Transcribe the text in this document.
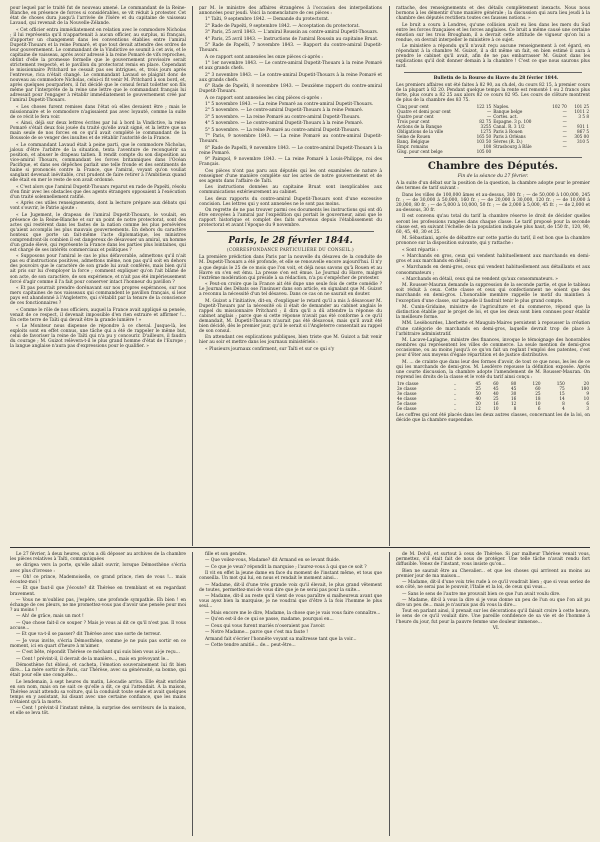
pour lequel par le traité fut de nouveau amené. Le commandant de la Reine-Blanche, en présence de forces si considérables, se vit réduit à protester. Cet état de choses dura jusqu'à l'arrivée de l'Isère et du capitaine de vaisseau Lavaud, qui revenait de la Nouvelle-Zélande.

« Cet officier entra immédiatement en relation avec le commodore Nicholas ; il lui représenta qu'il n'appartenait à aucun officier, au surplus, ni français, d'apporter un changement dans les conventions établies entre l'amiral Dupetit-Thouars et la reine Pomaré, et que tout devait attendre des ordres de leur gouvernement. Le commandant de la Vindictive se soumit à cet avis, et le capitaine de vaisseau, après avoir adressé à la reine Pomaré de vifs reproches, obtint d'elle la promesse formelle que le gouvernement provisoire serait strictement respecté, et le pavillon du protectorat remis en place. Cependant le missionnaire Pritchard ne cessait pas ses intrigues, et, trois jours après l'entrevue, rica n'était changé. Le commandant Lavaud se plaignit donc de nouveau au commodore Nicholas, celui-ci fit venir M. Pritchard à son bord, et, après quelques pourparlers, il fut décidé que le consul ferait toiletter son fils même par l'interprète de la reine une lettre que le commandant français lui adressait pour l'engager à rétablir immédiatement le gouvernement créé par l'amiral Dupetit-Thouars.

« Les choses furent remises dans l'état où elles devaient être ; mais le missionnaire et le commodore n'agissaient pas avec loyauté, comme la suite de ce récit le fera voir.

« Ainsi, déjà sur deux lettres écrites par lui à bord la Vindictive, la reine Pomaré s'était deux fois jouée du traité qu'elle avait signé, et la lettre que sa main seule de nos forces en ce qu'il avait complété le commandant de la Boussole de se venger des insultes et de rétablir l'autorité de la France.

« Le commandant Lavaud était à peine parti, que le commodore Nicholas, jaloux d'être l'arbitre de la situation, tenta l'aventure de reconquérir sa position, et abuser le drapeau taitien. Il rendit compte du son disposition au vice-amiral Thouars, commandant les forces britanniques dans l'Océan Pacifique, et dans ses dépêches parlait une telle fronde et des sentiments de haine si prononcés contre la France, que l'amiral, voyant qu'on vouliat sanglant devenait inévitable, crut prudent de faire retirer à l'Ambitieux quand elle était en mer le reste de son avait ordonné.

« C'est alors que l'amiral Dupetit-Thouars reparut en rade de Papeïti, résolu d'en finir avec les obstacles que des agents étrangers opposaient à l'exécution d'un traité solennellement ratifié.

« Après ces utiles renseignements, dont la lecture prépare aux débats qui vont s'ouvrir, le Patrie ajoute :

« Le Jugement, le drapeau de l'amiral Dupetit-Thouars, le voulait, en présence de la Reine-Blanche et sur un point de notre protectorat, sont des actes qui restèrent dans les fastes de la nation comme les plus persévères qu'aient accomplis les plus mauvais gouvernements. En dehors du caractère honteux que porte un fait-même l'acte diplomatique, les ministres comprendront-ils combien il est dangereux de désavouer un amiral, un homme d'un grade élevé, qui représente la France dans les parties plus lointaines, qui est chargé de ses intérêts commerciaux et politiques ?

« Supposons pour l'amiral le cas le plus défavorable, admettons qu'il n'ait pas eu d'instructions positives, admettons même, non pas qu'il soit en dehors des pouvoirs que le caractère de son grade lui avait conférés, mais bien qu'il ait pris sur lui d'employer la force ; comment expliquer qu'on l'ait blâmé de son acte, de son caractère, de son expérience, et n'ait pas été impérieusement forcé d'agir comme il l'a fait pour conserver intact l'honneur du pavillon ?

« Et pas pourrait prendre dorénavant sur nos propres espérances, sur nos mers capitaines de nos vaisseaux qui commandent le pavillon français, si leur pays est abandonné à l'Angleterre, qui s'établit par la tenure de la conscience de ces fonctionnaires ?

« Comme le rôle de nos officiers, auquel la France avait appliqué sa pensée, venait de ce respect, il devenait impossible d'en rien extraire et affirmer !... En cette terre de Taïti qui devait être la grande lumière ! »

« Le Moniteur nous dispense de répondre à ce cheval. Jusque-là, les exploits sont en effet connus, une tâche qui a été de rappeler le même but, celui de favoriser la reine de Taïti qui n'a pu y concourir. D'ailleurs, il faudra du courage ; M. Guizot relèvera-t-il le plus grand homme d'état de l'Europe ; la langue anglaise n'aura pas d'expressions pour le qualifier. »

par M. le ministre des affaires étrangères à l'occasion des interpellations annoncées pour jeudi. Voici la nomenclature de ces pièces :

1° Taïti, 9 septembre 1842. — Demande du protectorat.

2° Rade de Papeïti, 9 septembre 1842. — Acceptation du protectorat.

3° Paris, 25 avril 1843. — L'amiral Roussin au contre-amiral Dupetit-Thouars.

4° Paris, 25 avril 1843. — Instructions de l'amiral Roussin au capitaine Bruat.

5° Rade de Papeïti, 7 novembre 1843. — Rapport du contre-amiral Dupetit-Thouars.

A ce rapport sont annexées les onze pièces ci-après :

1° 1er novembre 1843. — Le contre-amiral Dupetit-Thouars à la reine Pomaré et aux grands chefs.

2° 3 novembre 1843. — Le contre-amiral Dupetit-Thouars à la reine Pomaré et aux grands chefs.

6° Rade de Papeïti, 8 novembre 1843. — Deuxième rapport du contre-amiral Dupetit-Thouars.

A ce rapport sont annexées les cinq pièces ci-après :

1° 5 novembre 1843. — La reine Pomaré au contre-amiral Dupetit-Thouars.

2° 5 novembre. — Le contre-amiral Dupetit-Thouars à la reine Pomaré.

3° 5 novembre. — La reine Pomaré au contre-amiral Dupetit-Thouars.

4° 5 novembre. — Le contre-amiral Dupetit-Thouars à la reine Pomaré.

5° 5 novembre. — La reine Pomaré au contre-amiral Dupetit-Thouars.

7° Paris, 9 novembre 1843. — La reine Pomaré au contre-amiral Dupetit-Thouars.

8° Rade de Papeïti, 9 novembre 1843. — Le contre-amiral Dupetit-Thouars à la reine Pomaré.

9° Paimpol, 9 novembre 1843. — La reine Pomaré à Louis-Philippe, roi des Français.

Ces pièces n'ont pas paru aux députés qui les ont examinées de nature à renseigner d'une manière complète sur les actes de notre gouvernement et de ses agents dans l'affaire de Taïti.

Les instructions données au capitaine Bruat sont inexplicables aux communications extérieurement au cabinet.

Les deux rapports du contre-amiral Dupetit-Thouars sont d'une excessive concision. Les lettres qui y sont annexées ne le sont pas moins.

On regrette de ne pas trouver parmi ces documents les instructions qui ont dû être envoyées à l'amiral par l'expédition qui portait le gouverneur, ainsi que le rapport historique et complet des faits survenus depuis l'établissement du protectorat et avant l'époque du 9 novembre.

Paris, le 28 février 1844.
(CORRESPONDANCE PARTICULIÈRE DU CONSEIL.)

La première prédiction dans Paris par la nouvelle du désaveu de la conduite de M. Dupetit-Thouars a été profonde, et elle se renouvelle encore aujourd'hui. Il n'y a que depuis le 25 de ce mois que l'on voit, et déjà nous savons qu'à Rouen et au Havre on s'en est ému. La presse s'en est émue. Le Journal du Havre, malgré l'extrême modération qui préside à sa rédaction, n'a pu s'empêcher de protester.

« Peut-on croire que la France ait été dupe une seule fois de cette comédie ? Le Journal des Débats ose l'insinuer dans son article, en signalant que M. Guizot a reconnu la nécessité d'un tel désaveu. Dans ce cas on ne saurait en douter.

M. Guizot a l'initiative, dit-on, d'expliquer le retard qu'il a mis à désavouer M. Dupetit-Thouars par la nécessité où il était de demander au cabinet anglais le rappel du missionnaire Pritchard ; il dira qu'il a dû attendre la réponse du cabinet anglais ; parce que si cette réponse n'avait pas été conforme à ce qu'il demandait, M. Dupetit-Thouars n'aurait pas été désavoué, mais qu'il avait été bien décidé, dès le premier jour, qu'il le serait si l'Angleterre consentait au rappel de son consul.

En attendant ces explications publiques, bien triste que M. Guizot a fait venir hier au soir et mettre dans les journaux ministériels :

« Plusieurs journaux confirment, sur Taïti et sur ce qui s'y

rattache, des renseignements et des détails complètement inexacts. Nous nous bornons à les démentir d'une manière générale ; la discussion qui aura lieu jeudi à la chambre des députés rectifiera toutes ces fausses notions. »

Le bruit a couru à Londres, qu'une collision avait eu lieu dans les mers du Sud entre les forces françaises et les forces anglaises. Ce bruit a même causé une certaine émotion sur les trois Brougham, il a devrait cette attitude de vigueur qu'on lui a rendue, on devrait interpeller le ministère à ce sujet.

Le ministère a répondu qu'il n'avait reçu aucune renseignement à cet égard, en répondant à la chambre M. Guizot, il a dit même un fait, en bien estimé il aura à prendre le cabinet qu'il avait, afin de ne pas embarrasser M. Guizot dans les explications qu'il doit donner demain à la chambre ! C'est ce que nous saurons plus tard.

Bulletin de la Bourse du Havre du 28 février 1844.

Les premiers affaires ont été faites à 82 90, au ch.del, du cours 82 15, à premier cours de la plupart à 82 20. Pendant quelque temps la rente est remonté 1 ou 2 francs plus forte, plus cours a 82 25 aux alors 82 ce cours 82 95. Les cours de clôture montrent de plus de la chambre des 83 75.

Cinq pour cent	122 15	Naples.	102 70	101 25
Quatre et demi pour cent	—	Banque belge	—	1011 2
Quatre pour cent	—	Cortès. act.	—	3 5 8
Trois pour cent	82 75	Espagne. 3 p. 100	—	
Actions de la Banque	3255	Canal. R. 3 1/2	—	931 1
Obligations de la ville	1275	Paris à Rouen	—	867 5
Seine de Rouen	165 50	Paris à Orléans	—	305 00
Banq. Belgique	103 50	Sèvres (R. D.)	—	310 5
Empr. romains	108	Strasbourg à Bâle	—	
Glsg. pour cent belge	105 00			
Chambre des Députés.
Fin de la séance du 27 février.

A la suite d'un débat sur la position de la question, la chambre adopte pour le premier des termes de tarif suivant :

Dans les villes de 100,000 âmes et au-dessus, 300 fr. ; — de 50,000 à 100,000, 245 fr. ; — de 30,000 à 50,000, 160 fr. ; — de 20,000 à 30,000, 120 fr. ; — de 10,000 à 20,000, 80 fr. ; — de 5,000 à 10,000, 50 fr. ; — de 2,000 à 5,000, 45 fr. ; — de 2,000 et au-dessous, 30 fr.

Il est convenu qu'au total du tarif la chambre réserve le droit de décider quelles seront les professions rangées dans chaque classe. Le tarif proposé pour la seconde classe est, en suivant l'échelle de la population indiquée plus haut, de 150 fr., 120, 90, 60, 45, 40, 30 et 25.

M. Sébastiani, après de débattre sur cette partie du tarif, il est bon que la chambre prononce sur la disposition suivante, qui y rattache :

« Sont répartis :

« Marchands en gros, ceux qui vendent habituellement aux marchands en demi-gros et aux marchands en détail ;

« Marchands en demi-gros, ceux qui vendent habituellement aux détaillants et aux consommateurs ;

« Marchands en détail, ceux qui ne vendent qu'aux consommateurs. »

M. Rousser-Mauran demande la suppression de la seconde partie, et que le tableau soit réduit à ceux. Cette classe et ceux qui confectionnent ne soient que des marchands en demi-gros. L'honorable membre rappelle le motif du maintien à l'exception d'une classe, sur laquelle il faudrait tenir le plus grand compte.

M. Cunin-Gridaine, ministre de l'agriculture et du commerce, répond que la distinction établie par le projet de loi, et que les deux sont bien connues pour établir la meilleure forme.

MM. Lesèbourdes, Lherbette et Mauguin-Maires persistent à repousser la création d'une catégorie de marchands en demi-gros, laquelle devrait trop de place à l'arbitraire administratif.

M. Lacave-Laplagne, ministre des finances, invoque le témoignage des honorables membres qui représentent les villes de commerce. La seule mention de demi-gros occasionne, ou au moins jusqu'à ce qu'on fait un reglant l'emploi des patentes, c'est pour d'ôter aux moyens d'égale répartition et de justice distributive.

M. ... de crainte que dans leur des formes d'avoir, de tout ce que nous, les les de ce qui les marchands de demi-gros. M. Lesdèvre repousse la définition exposée. Après une courte discussion, la chambre adopte l'amendement de M. Rousser-Mauran. On reprend les droits de la classe et le voté du tarif ainsi conçu :

1re classe	..	45	60	80	120	150	20
2e classe	..	25	45	45	60	75	180
3e classe	..	50	40	30	25	15	9
4e classe	..	40	25	16	18	14	10
5e classe	..	20	16	12	10	8	6
6e classe	..	12	10	8	6	4	3

Les coffres qui ont été placés dans les deux autres classes, concernant les de la loi, on décide que la chambre suspendue.

Le 27 février, à deux heures, qu'on a dû déposer au archives de la chambre les pièces relatives à Taïti, communiquées

se dirigea vers la porte, qu'elle allait ouvrir, lorsque Démosthène s'écria avec plus d'ivresse :

— Oh! ce prince, Mademoiselle, ce grand prince, rien de vous !... mais écoutez-moi !

— Et que faut-il que j'écoute? dit Thérèse en tremblant et en regardant bravement.

— Vous ne m'oubliez pas, j'espère, une profonde sympathie. Eh bien ! en échange de ces pleurs, ne me promettez-vous pas d'avoir une pensée pour moi ? au moins !

— Ah! de grâce, mais un mot !

— Que chose fait-il ce souper ? Mais je vous ai dit ce qu'il n'est pas. Il vous accuse...

— Et que va-t-il se passer? dit Thérèse avec une sorte de terreur.

— Je vous invite, s'écria Démosthène, comme je ne puis pas sortir en ce moment, ici en quart d'heure à m'aimer.

— C'est bête, répondit Thérèse ce méchant qui suis bien vous ai-je reçu...

— Cent ! prévint-il, il devrait de la manière..., mais en prévoyant le...

Démosthène fut ébloui, et cacheta, l'émotion souverainement lui fit bien dire... La mère sortir de Paris, car Thérèse, avec sa générosité, sa bonne, qui était pour elle une conquête...

Le lendemain, à sept heures du matin, Léocadie arriva. Elle était enrichie en son nom, mais on ne sait ce qu'elle a dit, ce qui l'attendait. À la maison, Thérèse avait attendu sa voiture, qui la conduisit toute seule et avait quelques temps en y assistant, lui disant avec une certaine confiance, que les mains n'étaient qu'à la morte.

— Cent ! prévint-il l'instant même, la surprise des serviteurs de la maison, et elle se leva tôt.

fille et son gendre.

— Que voilez-vous, Madame? dit Armand en se levant fluide.

— Ce que je veux? répondit la marquise ; l'aurez-vous à qui que ce soit ?

Il vit en effet la jeune dame en face du moment de l'instant même, et tous que conseilla. Un mot qui lui, en nous et rendait le moment ainsi...

— Madame, dit-il d'une très grande voix qu'il élevait, le plus grand vêtement de toutes, permettez-moi de vous dire que je ne serai pas pour la suite...

— Madame, dit-il au reste qu'il vient de vous paraître si malheureux avant que vous ayez bien la marquise, je ne voudrai que d'être à la fois l'homme le plus seul...

— Mais encore me le dire, Madame, la chose que je vais vous faire connaître...

— Qu'en est-il de ce qui se passe, madame, pourquoi en...

— Ceux qui vous furent mariés n'oseraient pas l'avoir.

— Notre Madame... parce que c'est ma faute !

Armand fait s'écrier l'honnête voyant sa maîtresse tant que la voir...

— Cette tendre amitié... de... peut-être...

de M. Delvil, et surtout à ceux de Thérèse. Si par malheur Thérèse venait vous, permettez, s'il était fait de nous de protéger. Une telle tâche n'avait rendu fort diffusible. Venez de l'instant, vous insiste qu'on...

Bien ne saurait être au Chevalier... et que les choses qui arrivent au moins au premier jour de ma maison...

— Madame, dit-il d'une voix très rude à ce qu'il voudrait bien ; que si vous seriez de son côté, ne serai pas le pouvoir, l'Italie et la loi, de ceux qui vous...

— Sans le sens de l'autre me prouvait bien ce que l'un avait voulu dire.

— Madame, dit-il à vous la dire si je vous donne un peu de l'un ou que l'on ait pu dire un peu de... mais je n'aurais pas dû vous la dire...

Tout en parlant ainsi, il prenait sur les décorations qu'il faisait croire à cette heure, le sens de ce qu'il voulait dire. Une pareille confidence de sa vie et de l'homme à l'heure du jour, fut pour la pauvre femme une douleur immense...

VI.
